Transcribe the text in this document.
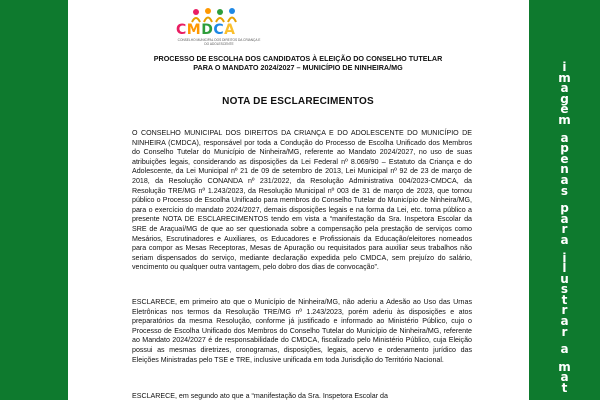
CMDCA
CONSELHO MUNICIPAL DOS DIREITOS DA CRIANÇA E DO ADOLESCENTE
PROCESSO DE ESCOLHA DOS CANDIDATOS À ELEIÇÃO DO CONSELHO TUTELAR
PARA O MANDATO 2024/2027 – MUNICÍPIO DE NINHEIRA/MG
NOTA DE ESCLARECIMENTOS
O CONSELHO MUNICIPAL DOS DIREITOS DA CRIANÇA E DO ADOLESCENTE DO MUNICÍPIO DE NINHEIRA (CMDCA), responsável por toda a Condução do Processo de Escolha Unificado dos Membros do Conselho Tutelar do Município de Ninheira/MG, referente ao Mandato 2024/2027, no uso de suas atribuições legais, considerando as disposições da Lei Federal nº 8.069/90 – Estatuto da Criança e do Adolescente, da Lei Municipal nº 21 de 09 de setembro de 2013, Lei Municipal nº 92 de 23 de março de 2018, da Resolução CONANDA nº 231/2022, da Resolução Administrativa 004/2023-CMDCA, da Resolução TRE/MG nº 1.243/2023, da Resolução Municipal nº 003 de 31 de março de 2023, que tornou público o Processo de Escolha Unificado para membros do Conselho Tutelar do Município de Ninheira/MG, para o exercício do mandato 2024/2027, demais disposições legais e na forma da Lei, etc. torna público a presente NOTA DE ESCLARECIMENTOS tendo em vista a “manifestação da Sra. Inspetora Escolar da SRE de Araçuaí/MG de que ao ser questionada sobre a compensação pela prestação de serviços como Mesários, Escrutinadores e Auxiliares, os Educadores e Profissionais da Educação/eleitores nomeados para compor as Mesas Receptoras, Mesas de Apuração ou requisitados para auxiliar seus trabalhos não seriam dispensados do serviço, mediante declaração expedida pelo CMDCA, sem prejuízo do salário, vencimento ou qualquer outra vantagem, pelo dobro dos dias de convocação”.
ESCLARECE, em primeiro ato que o Município de Ninheira/MG, não aderiu a Adesão ao Uso das Urnas Eletrônicas nos termos da Resolução TRE/MG nº 1.243/2023, porém aderiu às disposições e atos preparatórios da mesma Resolução, conforme já justificado e informado ao Ministério Público, cujo o Processo de Escolha Unificado dos Membros do Conselho Tutelar do Município de Ninheira/MG, referente ao Mandato 2024/2027 é de responsabilidade do CMDCA, fiscalizado pelo Ministério Público, cuja Eleição possui as mesmas diretrizes, cronogramas, disposições, legais, acervo e ordenamento jurídico das Eleições Ministradas pelo TSE e TRE, inclusive unificada em toda Jurisdição do Território Nacional.
ESCLARECE, em segundo ato que a “manifestação da Sra. Inspetora Escolar da
i
m
a
g
e
m
a
p
e
n
a
s
p
a
r
a
i
l
u
s
t
r
a
r
a
m
a
t
